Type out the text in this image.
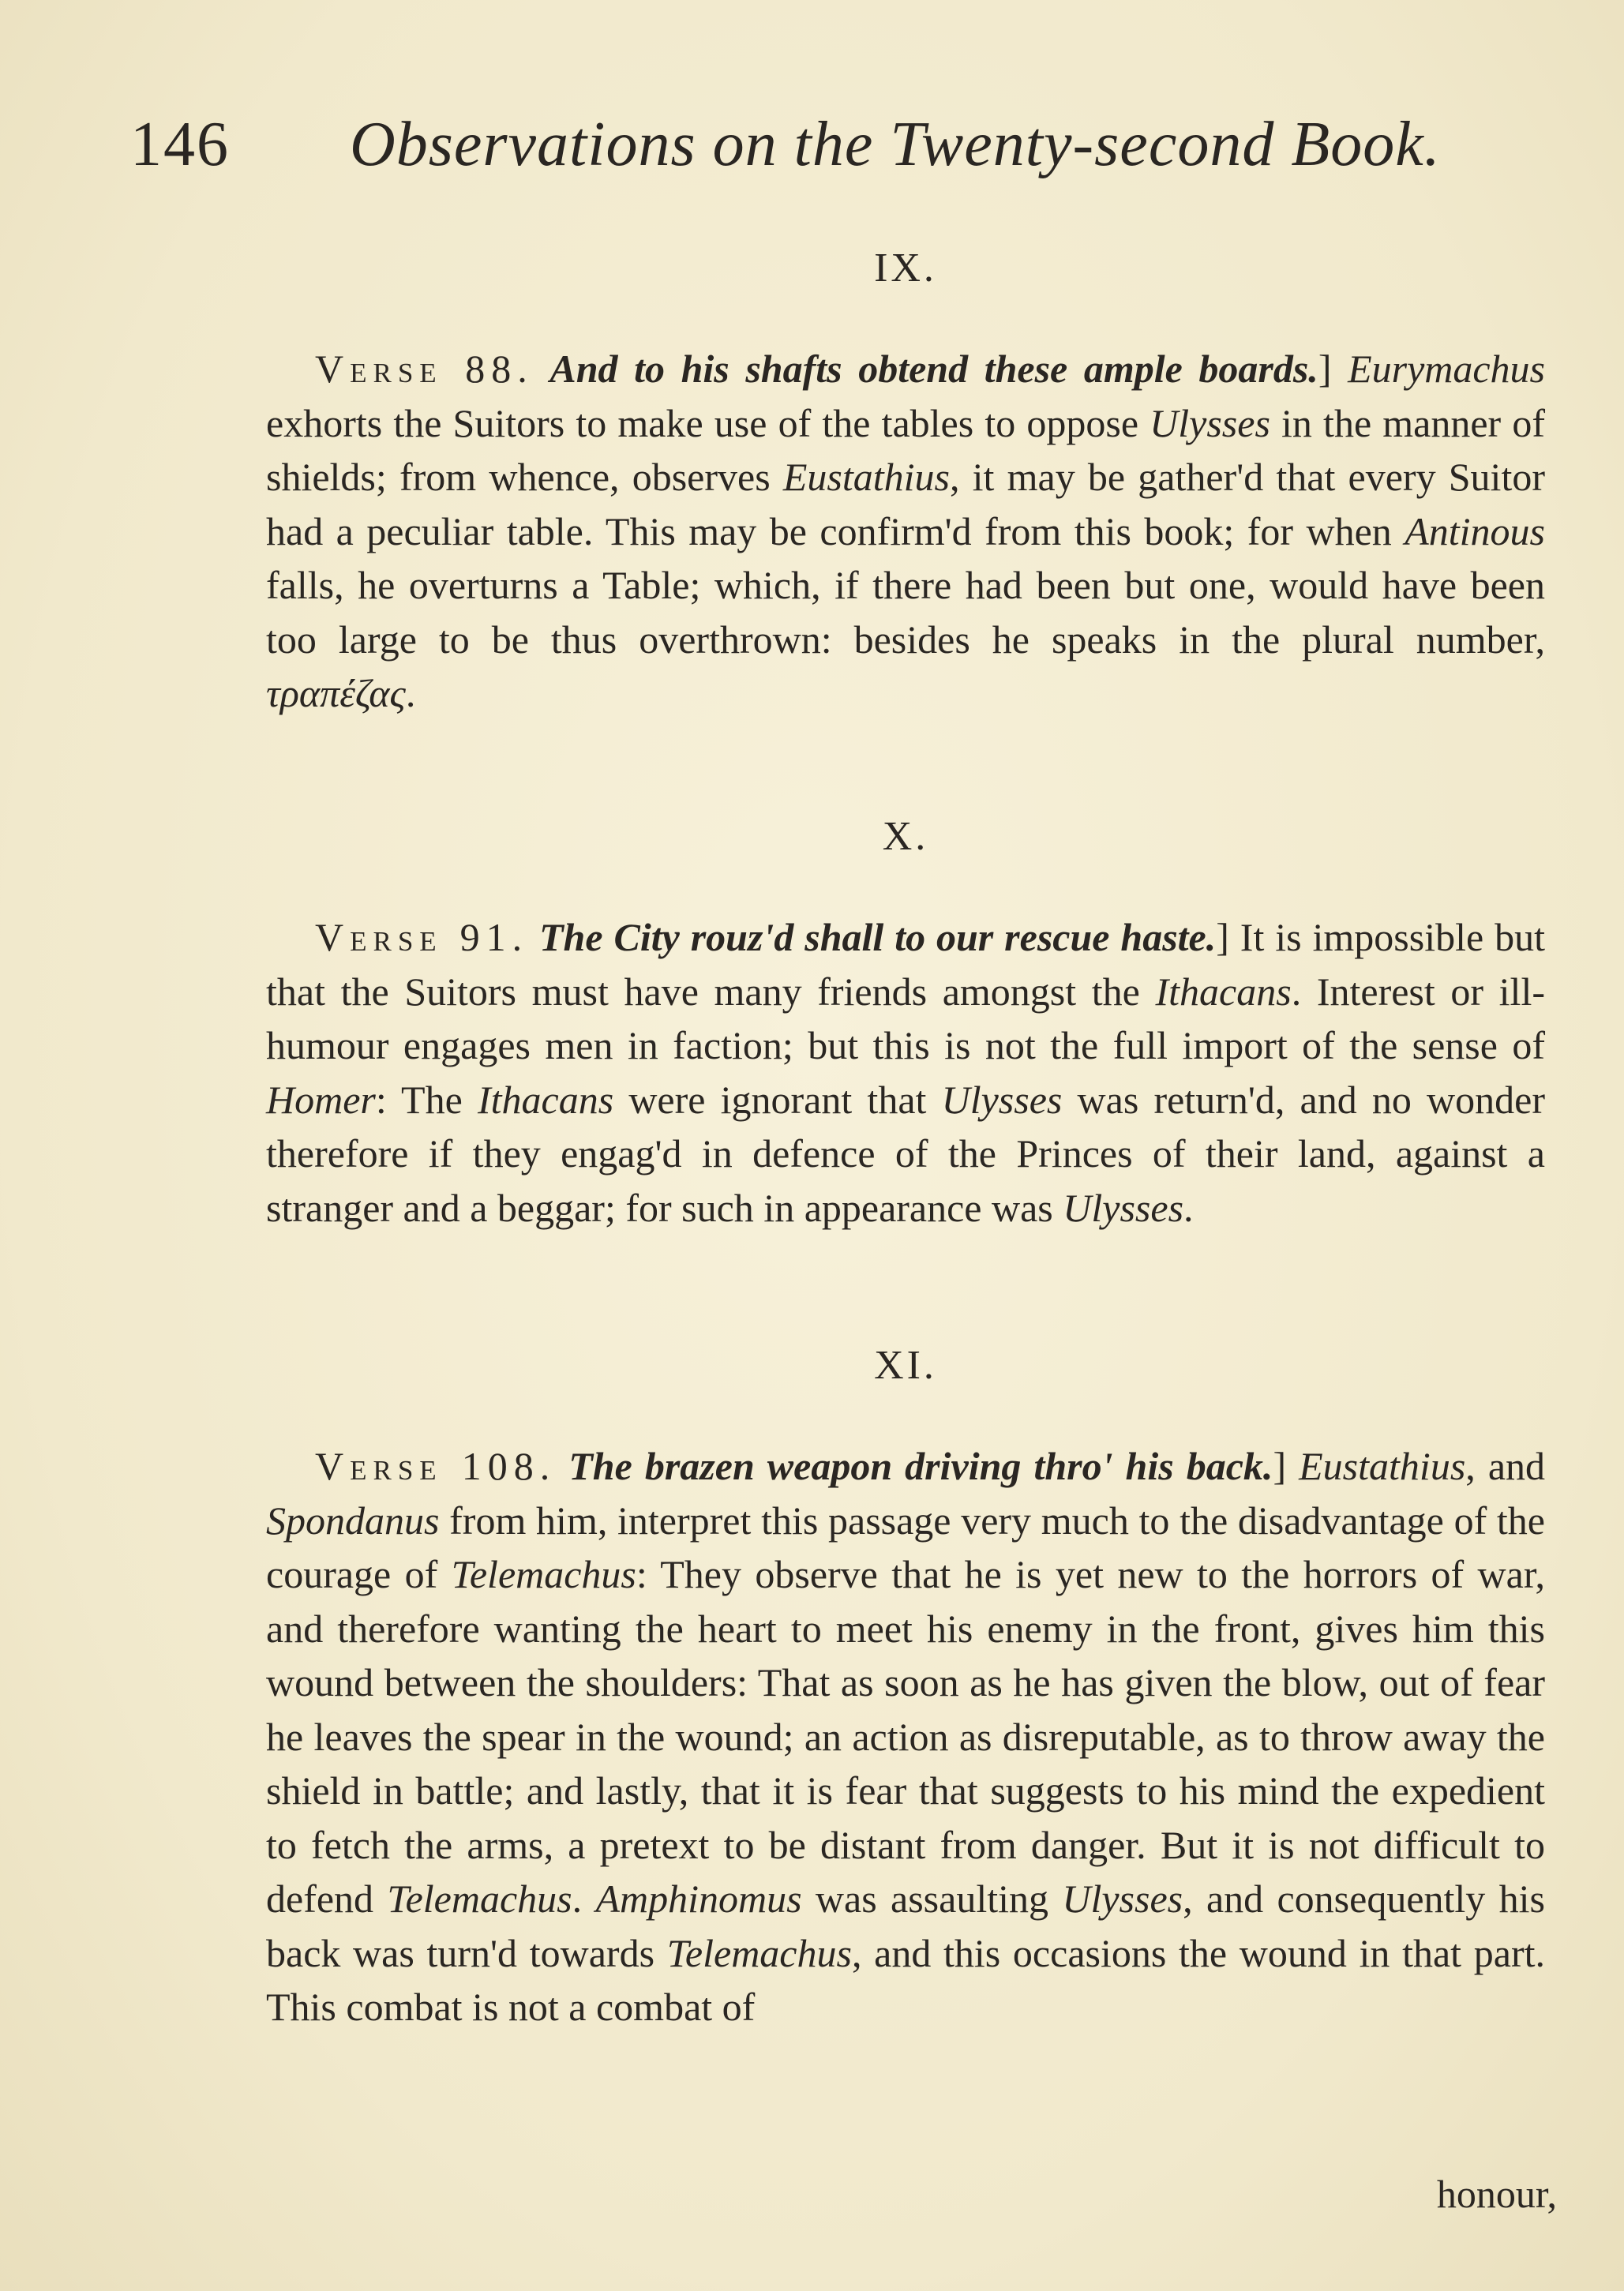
146 Observations on the Twenty-second Book.
IX.

Verse 88. And to his shafts obtend these ample boards.] Eurymachus exhorts the Suitors to make use of the tables to oppose Ulysses in the manner of shields; from whence, observes Eustathius, it may be gather'd that every Suitor had a peculiar table. This may be confirm'd from this book; for when Antinous falls, he overturns a Table; which, if there had been but one, would have been too large to be thus overthrown: besides he speaks in the plural number, τραπέζας.

X.

Verse 91. The City rouz'd shall to our rescue haste.] It is impossible but that the Suitors must have many friends amongst the Ithacans. Interest or ill-humour engages men in faction; but this is not the full import of the sense of Homer: The Ithacans were ignorant that Ulysses was return'd, and no wonder therefore if they engag'd in defence of the Princes of their land, against a stranger and a beggar; for such in appearance was Ulysses.

XI.

Verse 108. The brazen weapon driving thro' his back.] Eustathius, and Spondanus from him, interpret this passage very much to the disadvantage of the courage of Telemachus: They observe that he is yet new to the horrors of war, and therefore wanting the heart to meet his enemy in the front, gives him this wound between the shoulders: That as soon as he has given the blow, out of fear he leaves the spear in the wound; an action as disreputable, as to throw away the shield in battle; and lastly, that it is fear that suggests to his mind the expedient to fetch the arms, a pretext to be distant from danger. But it is not difficult to defend Telemachus. Amphinomus was assaulting Ulysses, and consequently his back was turn'd towards Telemachus, and this occasions the wound in that part. This combat is not a combat of

honour,
